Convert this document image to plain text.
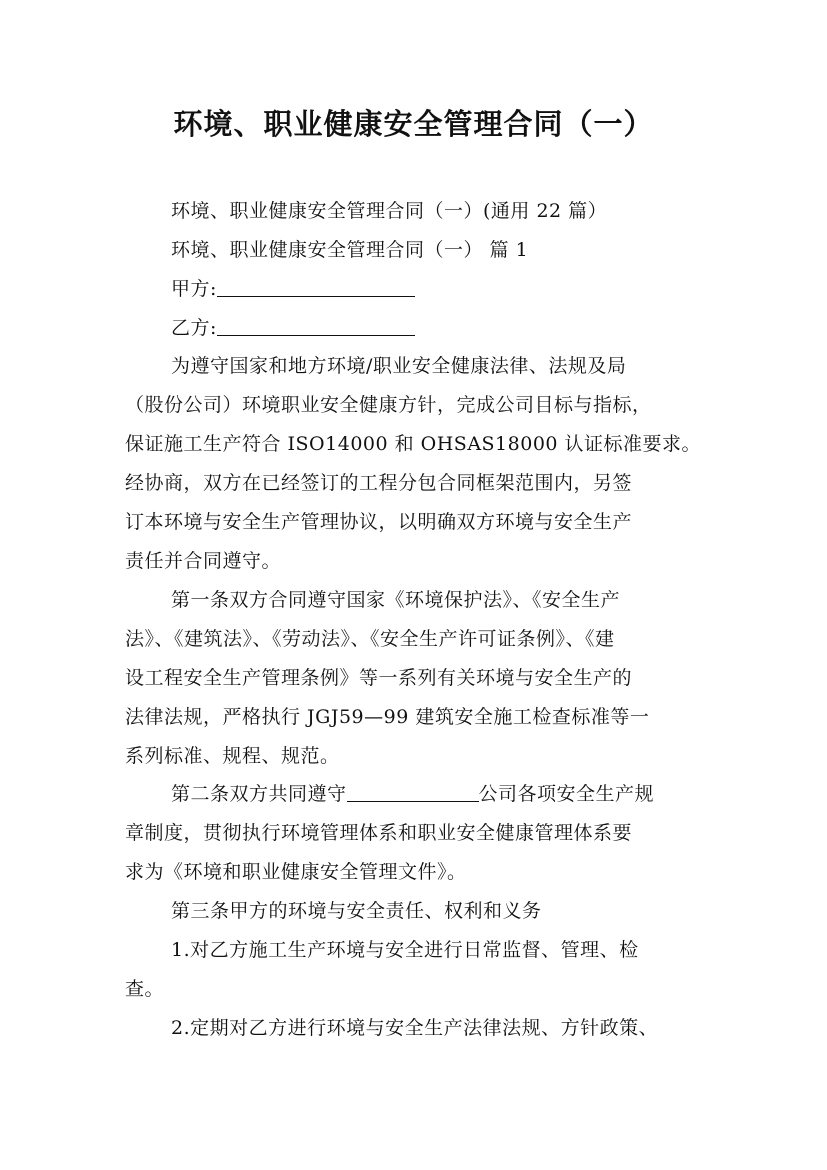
环境、职业健康安全管理合同（一）
环境、职业健康安全管理合同（一）(通用 22 篇）
环境、职业健康安全管理合同（一） 篇 1
甲方:
乙方:
为遵守国家和地方环境/职业安全健康法律、法规及局
（股份公司）环境职业安全健康方针，完成公司目标与指标，
保证施工生产符合 ISO14000 和 OHSAS18000 认证标准要求。
经协商，双方在已经签订的工程分包合同框架范围内，另签
订本环境与安全生产管理协议，以明确双方环境与安全生产
责任并合同遵守。
第一条双方合同遵守国家《环境保护法》、《安全生产
法》、《建筑法》、《劳动法》、《安全生产许可证条例》、《建
设工程安全生产管理条例》等一系列有关环境与安全生产的
法律法规，严格执行 JGJ59—99 建筑安全施工检查标准等一
系列标准、规程、规范。
第二条双方共同遵守	公司各项安全生产规
章制度，贯彻执行环境管理体系和职业安全健康管理体系要
求为《环境和职业健康安全管理文件》。
第三条甲方的环境与安全责任、权利和义务
1.对乙方施工生产环境与安全进行日常监督、管理、检
查。
2.定期对乙方进行环境与安全生产法律法规、方针政策、
